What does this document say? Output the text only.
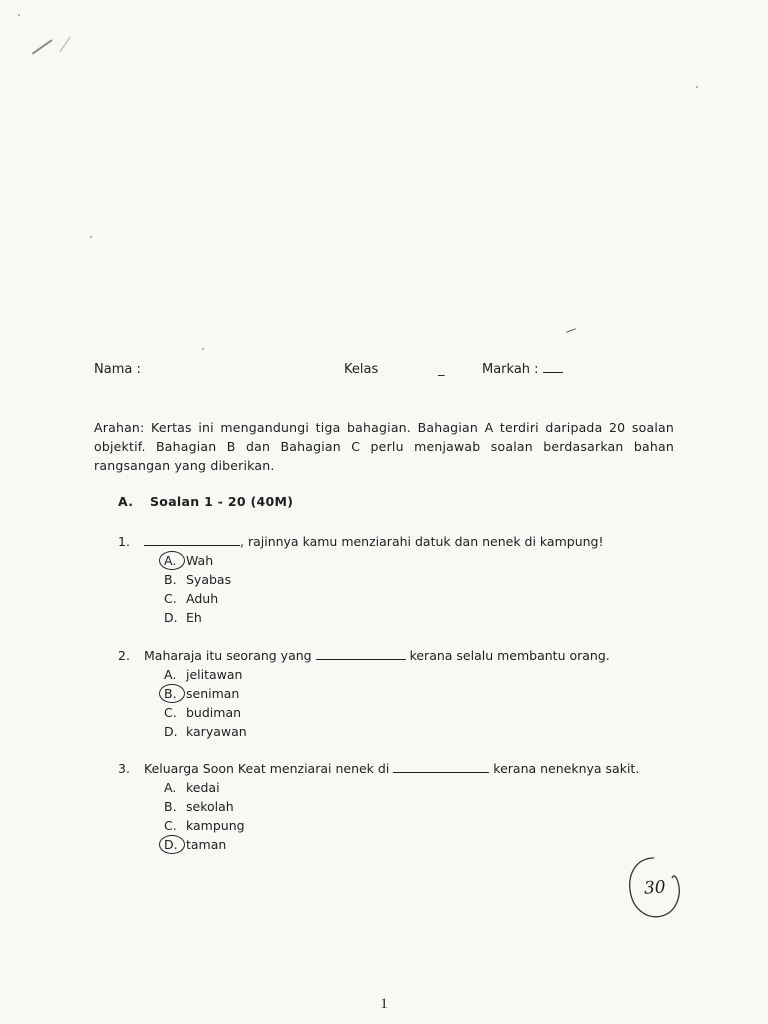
Nama :	Kelas	_	Markah :
Arahan: Kertas ini mengandungi tiga bahagian. Bahagian A terdiri daripada 20 soalan objektif. Bahagian B dan Bahagian C perlu menjawab soalan berdasarkan bahan rangsangan yang diberikan.
A. Soalan 1 - 20 (40M)
1.	, rajinnya kamu menziarahi datuk dan nenek di kampung!
A. Wah
B. Syabas
C. Aduh
D. Eh
2. Maharaja itu seorang yang	kerana selalu membantu orang.
A. jelitawan
B. seniman
C. budiman
D. karyawan
3. Keluarga Soon Keat menziarai nenek di	kerana neneknya sakit.
A. kedai
B. sekolah
C. kampung
D. taman
30
1
